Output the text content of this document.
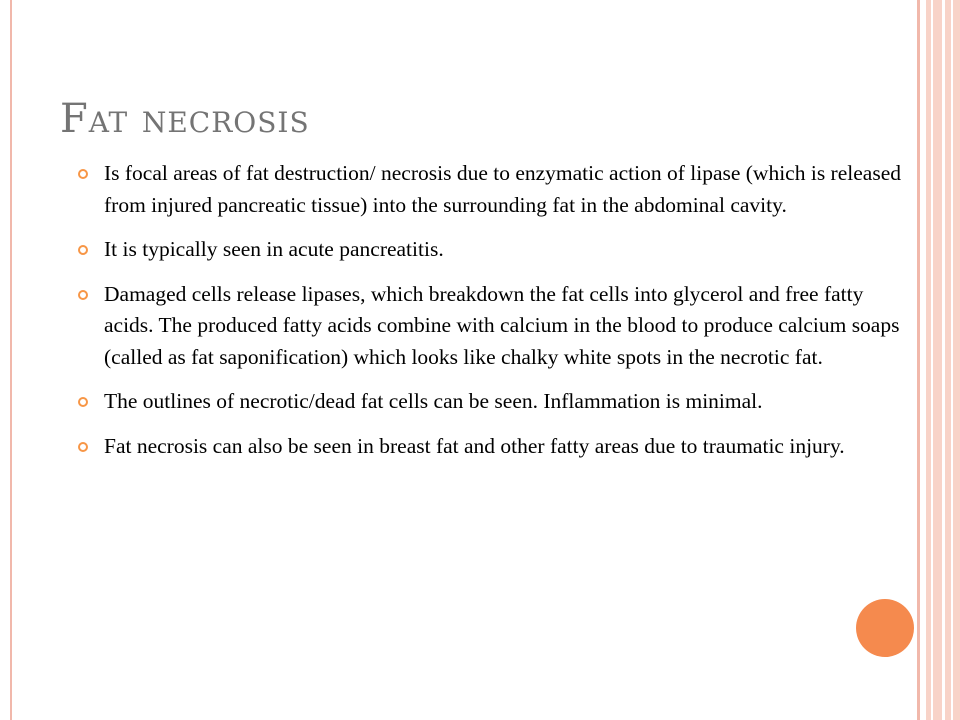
Fat necrosis
Is focal areas of fat destruction/ necrosis due to enzymatic action of lipase (which is released from injured pancreatic tissue) into the surrounding fat in the abdominal cavity.
It is typically seen in acute pancreatitis.
Damaged cells release lipases, which breakdown the fat cells into glycerol and free fatty acids. The produced fatty acids combine with calcium in the blood to produce calcium soaps (called as fat saponification) which looks like chalky white spots in the necrotic fat.
The outlines of necrotic/dead fat cells can be seen. Inflammation is minimal.
Fat necrosis can also be seen in breast fat and other fatty areas due to traumatic injury.
